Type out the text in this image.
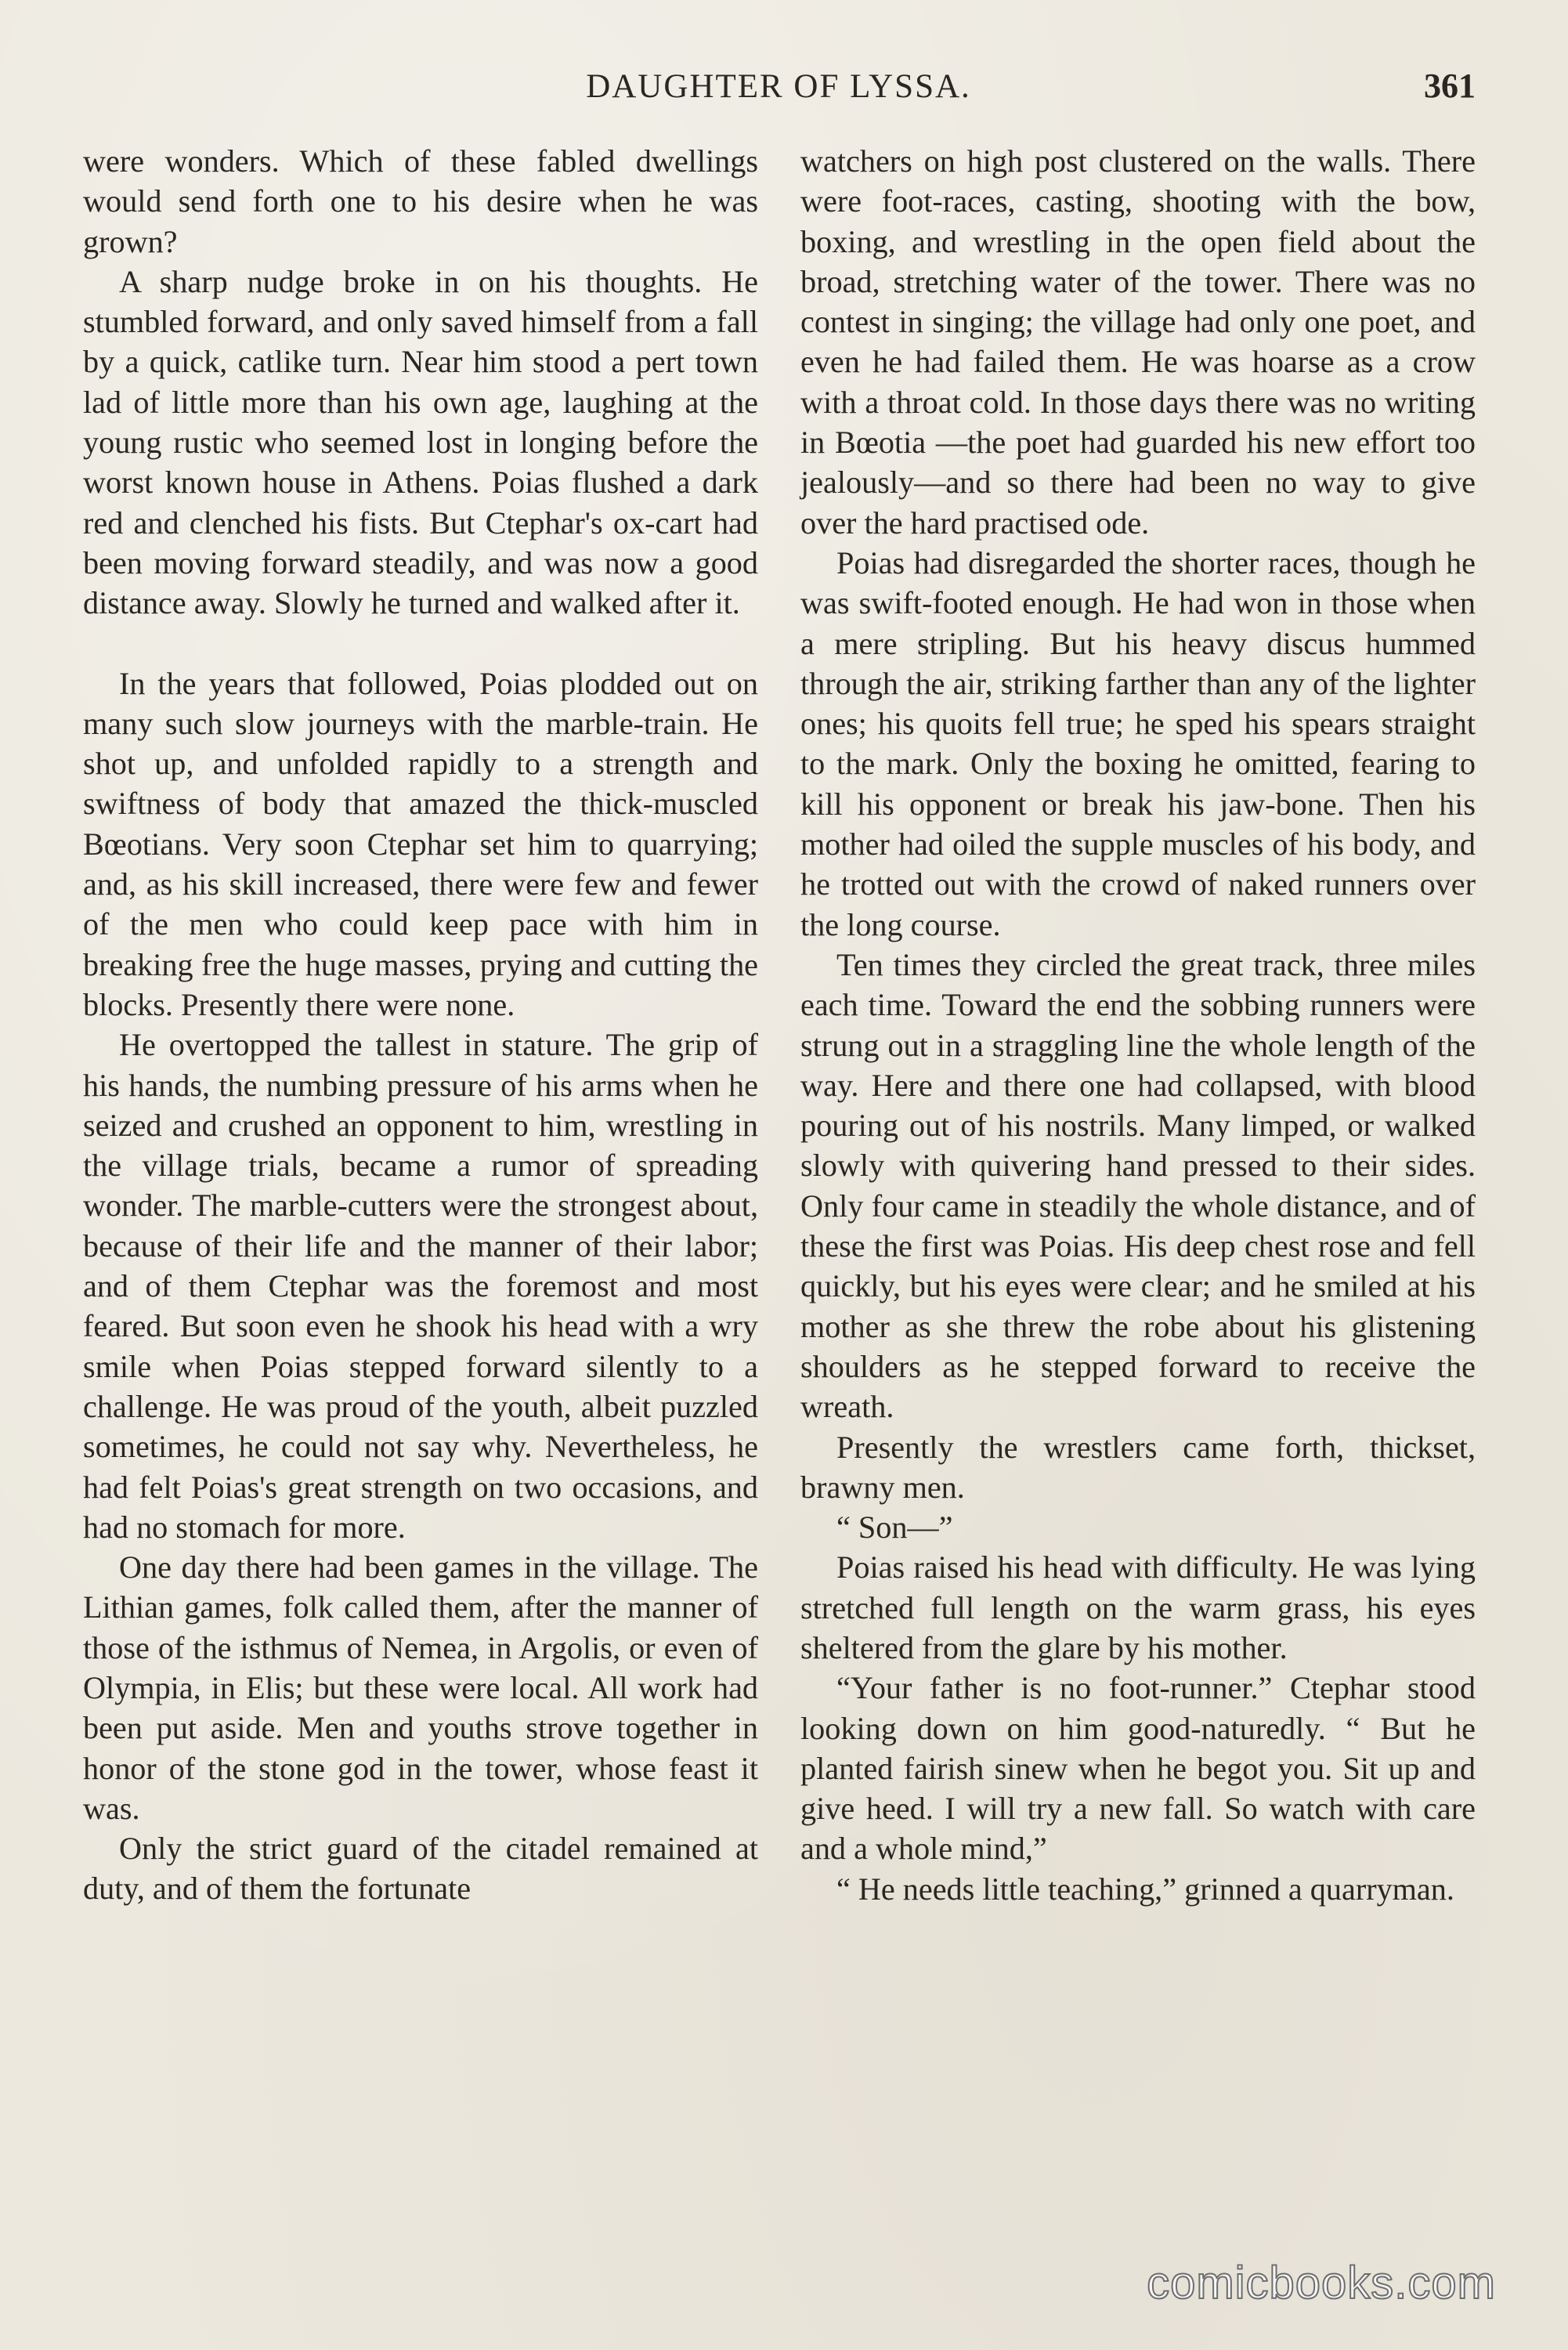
DAUGHTER OF LYSSA.	361

were wonders. Which of these fabled dwellings would send forth one to his desire when he was grown?

A sharp nudge broke in on his thoughts. He stumbled forward, and only saved himself from a fall by a quick, catlike turn. Near him stood a pert town lad of little more than his own age, laughing at the young rustic who seemed lost in longing before the worst known house in Athens. Poias flushed a dark red and clenched his fists. But Ctephar's ox-cart had been moving forward steadily, and was now a good distance away. Slowly he turned and walked after it.

In the years that followed, Poias plodded out on many such slow journeys with the marble-train. He shot up, and unfolded rapidly to a strength and swiftness of body that amazed the thick-muscled Bœotians. Very soon Ctephar set him to quarrying; and, as his skill increased, there were few and fewer of the men who could keep pace with him in breaking free the huge masses, prying and cutting the blocks. Presently there were none.

He overtopped the tallest in stature. The grip of his hands, the numbing pressure of his arms when he seized and crushed an opponent to him, wrestling in the village trials, became a rumor of spreading wonder. The marble-cutters were the strongest about, because of their life and the manner of their labor; and of them Ctephar was the foremost and most feared. But soon even he shook his head with a wry smile when Poias stepped forward silently to a challenge. He was proud of the youth, albeit puzzled sometimes, he could not say why. Nevertheless, he had felt Poias's great strength on two occasions, and had no stomach for more.

One day there had been games in the village. The Lithian games, folk called them, after the manner of those of the isthmus of Nemea, in Argolis, or even of Olympia, in Elis; but these were local. All work had been put aside. Men and youths strove together in honor of the stone god in the tower, whose feast it was.

Only the strict guard of the citadel remained at duty, and of them the fortunate

watchers on high post clustered on the walls. There were foot-races, casting, shooting with the bow, boxing, and wrestling in the open field about the broad, stretching water of the tower. There was no contest in singing; the village had only one poet, and even he had failed them. He was hoarse as a crow with a throat cold. In those days there was no writing in Bœotia —the poet had guarded his new effort too jealously—and so there had been no way to give over the hard practised ode.

Poias had disregarded the shorter races, though he was swift-footed enough. He had won in those when a mere stripling. But his heavy discus hummed through the air, striking farther than any of the lighter ones; his quoits fell true; he sped his spears straight to the mark. Only the boxing he omitted, fearing to kill his opponent or break his jaw-bone. Then his mother had oiled the supple muscles of his body, and he trotted out with the crowd of naked runners over the long course.

Ten times they circled the great track, three miles each time. Toward the end the sobbing runners were strung out in a straggling line the whole length of the way. Here and there one had collapsed, with blood pouring out of his nostrils. Many limped, or walked slowly with quivering hand pressed to their sides. Only four came in steadily the whole distance, and of these the first was Poias. His deep chest rose and fell quickly, but his eyes were clear; and he smiled at his mother as she threw the robe about his glistening shoulders as he stepped forward to receive the wreath.

Presently the wrestlers came forth, thickset, brawny men.

“ Son—”

Poias raised his head with difficulty. He was lying stretched full length on the warm grass, his eyes sheltered from the glare by his mother.

“Your father is no foot-runner.” Ctephar stood looking down on him good-naturedly. “ But he planted fairish sinew when he begot you. Sit up and give heed. I will try a new fall. So watch with care and a whole mind,”

“ He needs little teaching,” grinned a quarryman.

comicbooks.com
